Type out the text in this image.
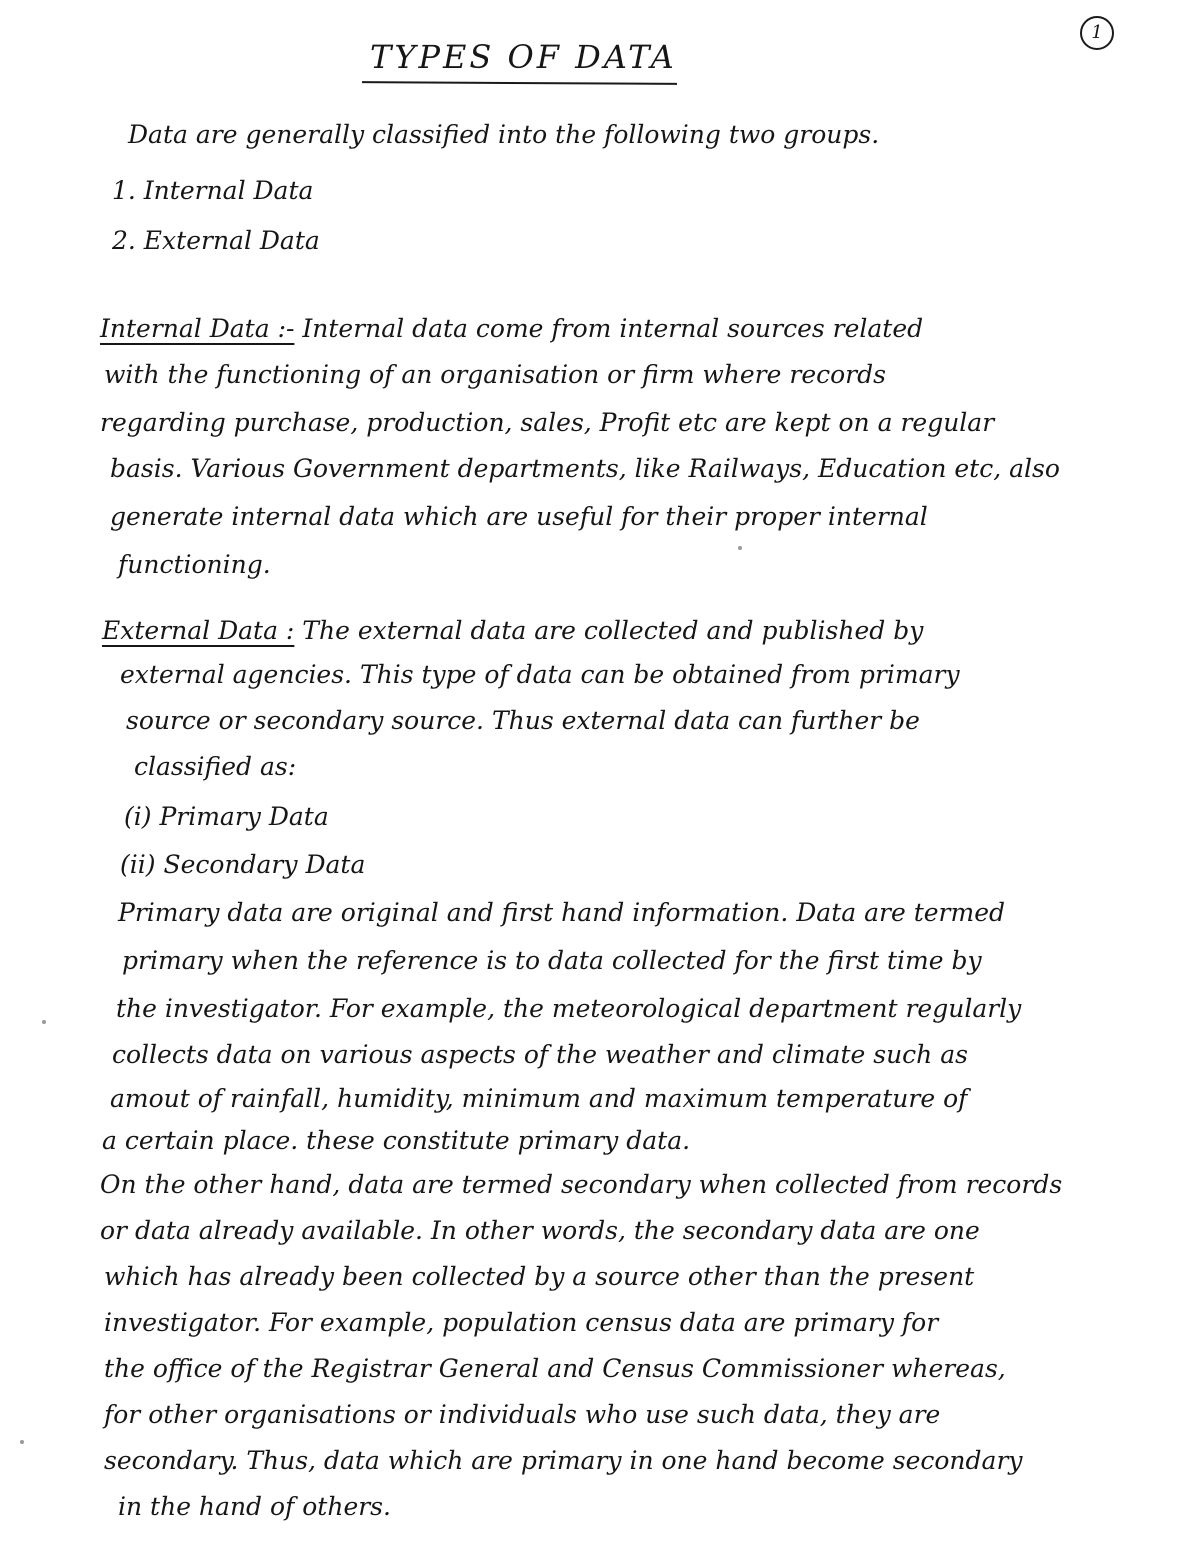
1
TYPES OF DATA
Data are generally classified into the following two groups.
1. Internal Data
2. External Data
Internal Data :- Internal data come from internal sources related
with the functioning of an organisation or firm where records
regarding purchase, production, sales, Profit etc are kept on a regular
basis. Various Government departments, like Railways, Education etc, also
generate internal data which are useful for their proper internal
functioning.
External Data : The external data are collected and published by
external agencies. This type of data can be obtained from primary
source or secondary source. Thus external data can further be
classified as:
(i) Primary Data
(ii) Secondary Data
Primary data are original and first hand information. Data are termed
primary when the reference is to data collected for the first time by
the investigator. For example, the meteorological department regularly
collects data on various aspects of the weather and climate such as
amout of rainfall, humidity, minimum and maximum temperature of
a certain place. these constitute primary data.
On the other hand, data are termed secondary when collected from records
or data already available. In other words, the secondary data are one
which has already been collected by a source other than the present
investigator. For example, population census data are primary for
the office of the Registrar General and Census Commissioner whereas,
for other organisations or individuals who use such data, they are
secondary. Thus, data which are primary in one hand become secondary
in the hand of others.
